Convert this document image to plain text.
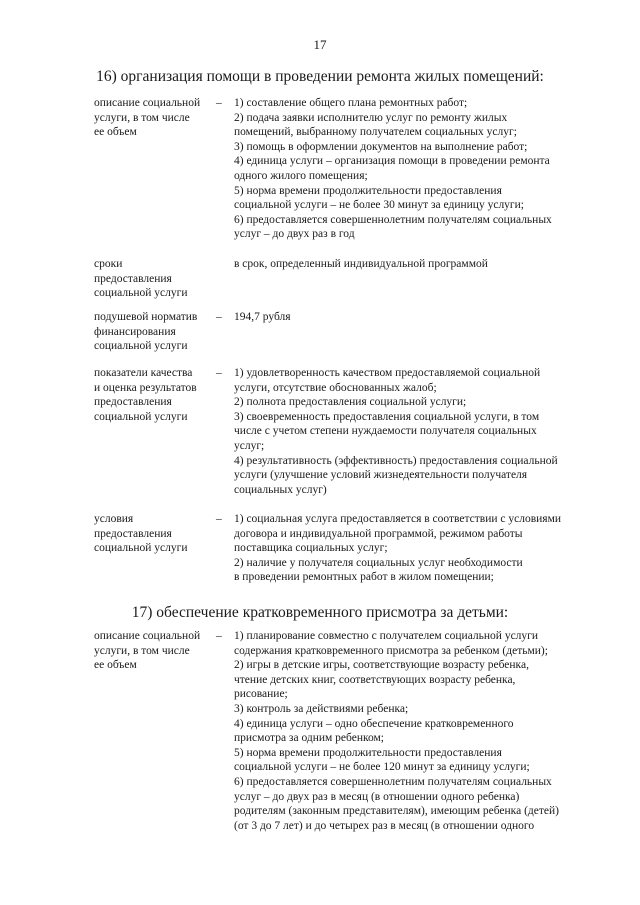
17
16) организация помощи в проведении ремонта жилых помещений:
описание социальной
услуги, в том числе
ее объем
– 1) составление общего плана ремонтных работ;
2) подача заявки исполнителю услуг по ремонту жилых
помещений, выбранному получателем социальных услуг;
3) помощь в оформлении документов на выполнение работ;
4) единица услуги – организация помощи в проведении ремонта
одного жилого помещения;
5) норма времени продолжительности предоставления
социальной услуги – не более 30 минут за единицу услуги;
6) предоставляется совершеннолетним получателям социальных
услуг – до двух раз в год
сроки
предоставления
социальной услуги
в срок, определенный индивидуальной программой
подушевой норматив
финансирования
социальной услуги
– 194,7 рубля
показатели качества
и оценка результатов
предоставления
социальной услуги
– 1) удовлетворенность качеством предоставляемой социальной
услуги, отсутствие обоснованных жалоб;
2) полнота предоставления социальной услуги;
3) своевременность предоставления социальной услуги, в том
числе с учетом степени нуждаемости получателя социальных
услуг;
4) результативность (эффективность) предоставления социальной
услуги (улучшение условий жизнедеятельности получателя
социальных услуг)
условия
предоставления
социальной услуги
– 1) социальная услуга предоставляется в соответствии с условиями
договора и индивидуальной программой, режимом работы
поставщика социальных услуг;
2) наличие у получателя социальных услуг необходимости
в проведении ремонтных работ в жилом помещении;
17) обеспечение кратковременного присмотра за детьми:
описание социальной
услуги, в том числе
ее объем
– 1) планирование совместно с получателем социальной услуги
содержания кратковременного присмотра за ребенком (детьми);
2) игры в детские игры, соответствующие возрасту ребенка,
чтение детских книг, соответствующих возрасту ребенка,
рисование;
3) контроль за действиями ребенка;
4) единица услуги – одно обеспечение кратковременного
присмотра за одним ребенком;
5) норма времени продолжительности предоставления
социальной услуги – не более 120 минут за единицу услуги;
6) предоставляется совершеннолетним получателям социальных
услуг – до двух раз в месяц (в отношении одного ребенка)
родителям (законным представителям), имеющим ребенка (детей)
(от 3 до 7 лет) и до четырех раз в месяц (в отношении одного
